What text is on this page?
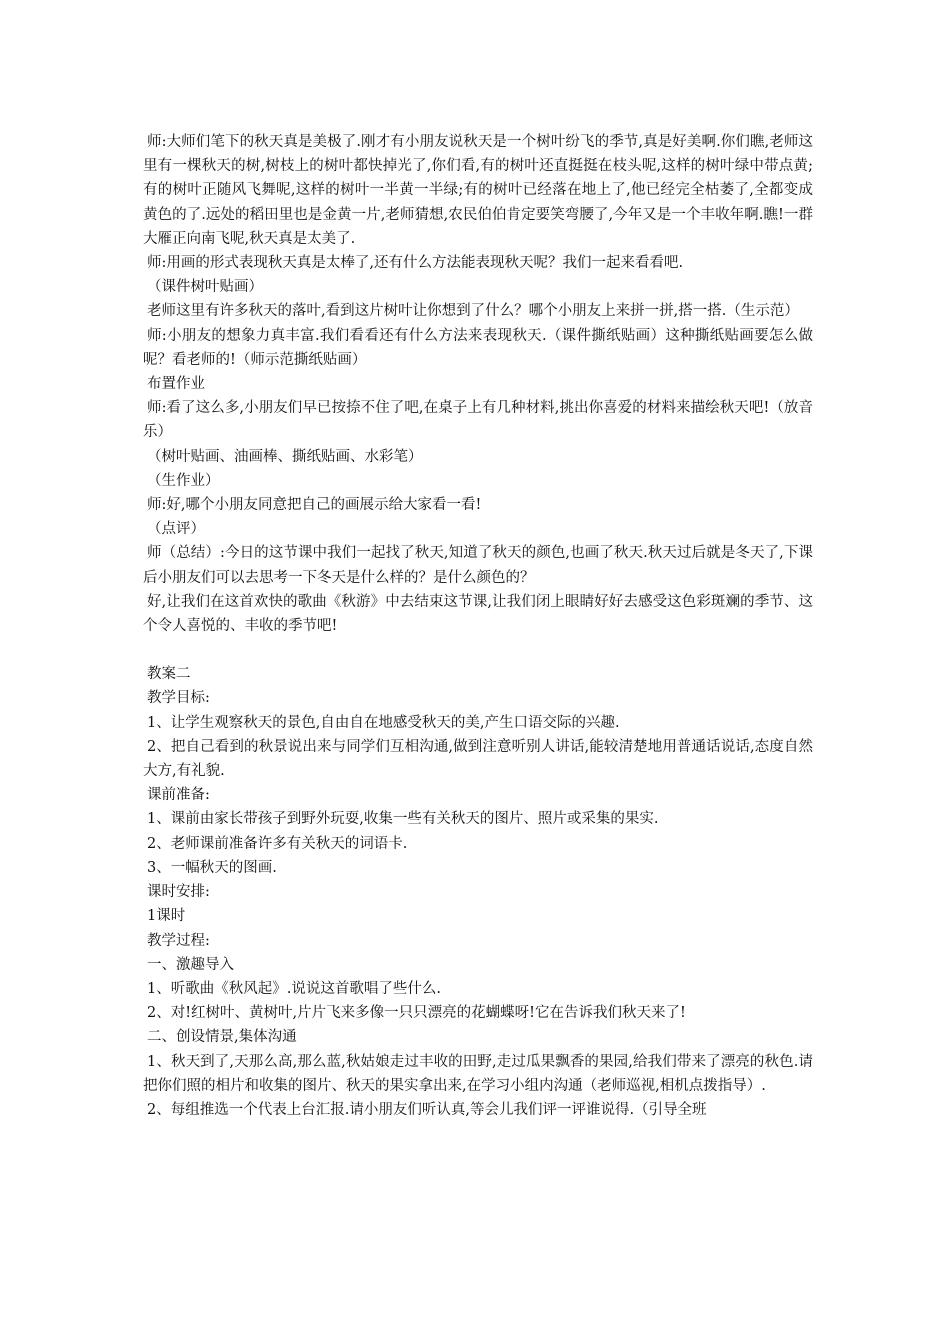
师:大师们笔下的秋天真是美极了.刚才有小朋友说秋天是一个树叶纷飞的季节,真是好美啊.你们瞧,老师这里有一棵秋天的树,树枝上的树叶都快掉光了,你们看,有的树叶还直挺挺在枝头呢,这样的树叶绿中带点黄;有的树叶正随风飞舞呢,这样的树叶一半黄一半绿;有的树叶已经落在地上了,他已经完全枯萎了,全都变成黄色的了.远处的稻田里也是金黄一片,老师猜想,农民伯伯肯定要笑弯腰了,今年又是一个丰收年啊.瞧!一群大雁正向南飞呢,秋天真是太美了.

师:用画的形式表现秋天真是太棒了,还有什么方法能表现秋天呢？我们一起来看看吧.

（课件树叶贴画）

老师这里有许多秋天的落叶,看到这片树叶让你想到了什么？哪个小朋友上来拼一拼,搭一搭.（生示范）

师:小朋友的想象力真丰富.我们看看还有什么方法来表现秋天.（课件撕纸贴画）这种撕纸贴画要怎么做呢？看老师的!（师示范撕纸贴画）

布置作业

师:看了这么多,小朋友们早已按捺不住了吧,在桌子上有几种材料,挑出你喜爱的材料来描绘秋天吧!（放音乐）

（树叶贴画、油画棒、撕纸贴画、水彩笔）

（生作业）

师:好,哪个小朋友同意把自己的画展示给大家看一看!

（点评）

师（总结）:今日的这节课中我们一起找了秋天,知道了秋天的颜色,也画了秋天.秋天过后就是冬天了,下课后小朋友们可以去思考一下冬天是什么样的？是什么颜色的？

好,让我们在这首欢快的歌曲《秋游》中去结束这节课,让我们闭上眼睛好好去感受这色彩斑斓的季节、这个令人喜悦的、丰收的季节吧!

教案二

教学目标:

1、让学生观察秋天的景色,自由自在地感受秋天的美,产生口语交际的兴趣.

2、把自己看到的秋景说出来与同学们互相沟通,做到注意听别人讲话,能较清楚地用普通话说话,态度自然大方,有礼貌.

课前准备:

1、课前由家长带孩子到野外玩耍,收集一些有关秋天的图片、照片或采集的果实.

2、老师课前准备许多有关秋天的词语卡.

3、一幅秋天的图画.

课时安排:

1课时

教学过程:

一、激趣导入

1、听歌曲《秋风起》.说说这首歌唱了些什么.

2、对!红树叶、黄树叶,片片飞来多像一只只漂亮的花蝴蝶呀!它在告诉我们秋天来了!

二、创设情景,集体沟通

1、秋天到了,天那么高,那么蓝,秋姑娘走过丰收的田野,走过瓜果飘香的果园,给我们带来了漂亮的秋色.请把你们照的相片和收集的图片、秋天的果实拿出来,在学习小组内沟通（老师巡视,相机点拨指导）.

2、每组推选一个代表上台汇报.请小朋友们听认真,等会儿我们评一评谁说得.（引导全班
